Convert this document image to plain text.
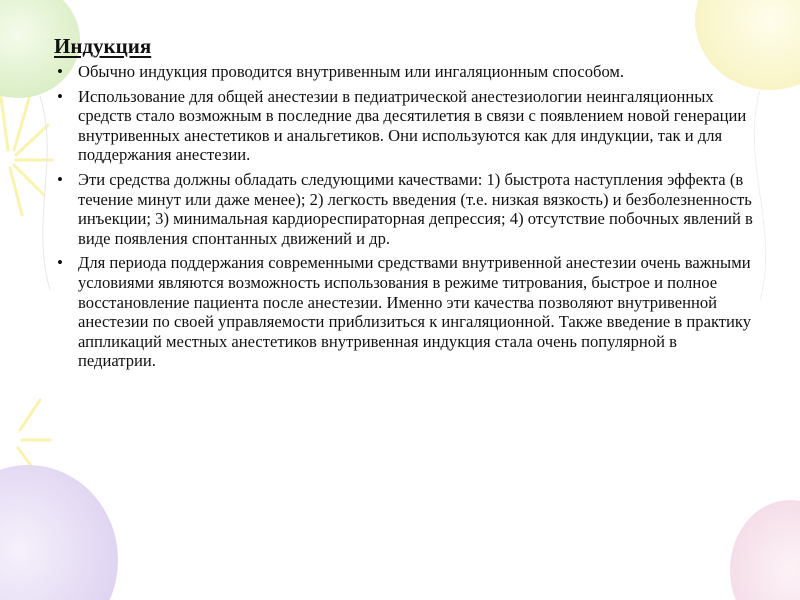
Индукция
• Обычно индукция проводится внутривенным или ингаляционным способом.
• Использование для общей анестезии в педиатрической анестезиологии неингаляционных средств стало возможным в последние два десятилетия в связи с появлением новой генерации внутривенных анестетиков и анальгетиков. Они используются как для индукции, так и для поддержания анестезии.
• Эти средства должны обладать следующими качествами: 1) быстрота наступления эффекта (в течение минут или даже менее); 2) легкость введения (т.е. низкая вязкость) и безболезненность инъекции; 3) минимальная кардиореспираторная депрессия; 4) отсутствие побочных явлений в виде появления спонтанных движений и др.
• Для периода поддержания современными средствами внутривенной анестезии очень важными условиями являются возможность использования в режиме титрования, быстрое и полное восстановление пациента после анестезии. Именно эти качества позволяют внутривенной анестезии по своей управляемости приблизиться к ингаляционной. Также введение в практику аппликаций местных анестетиков внутривенная индукция стала очень популярной в педиатрии.
